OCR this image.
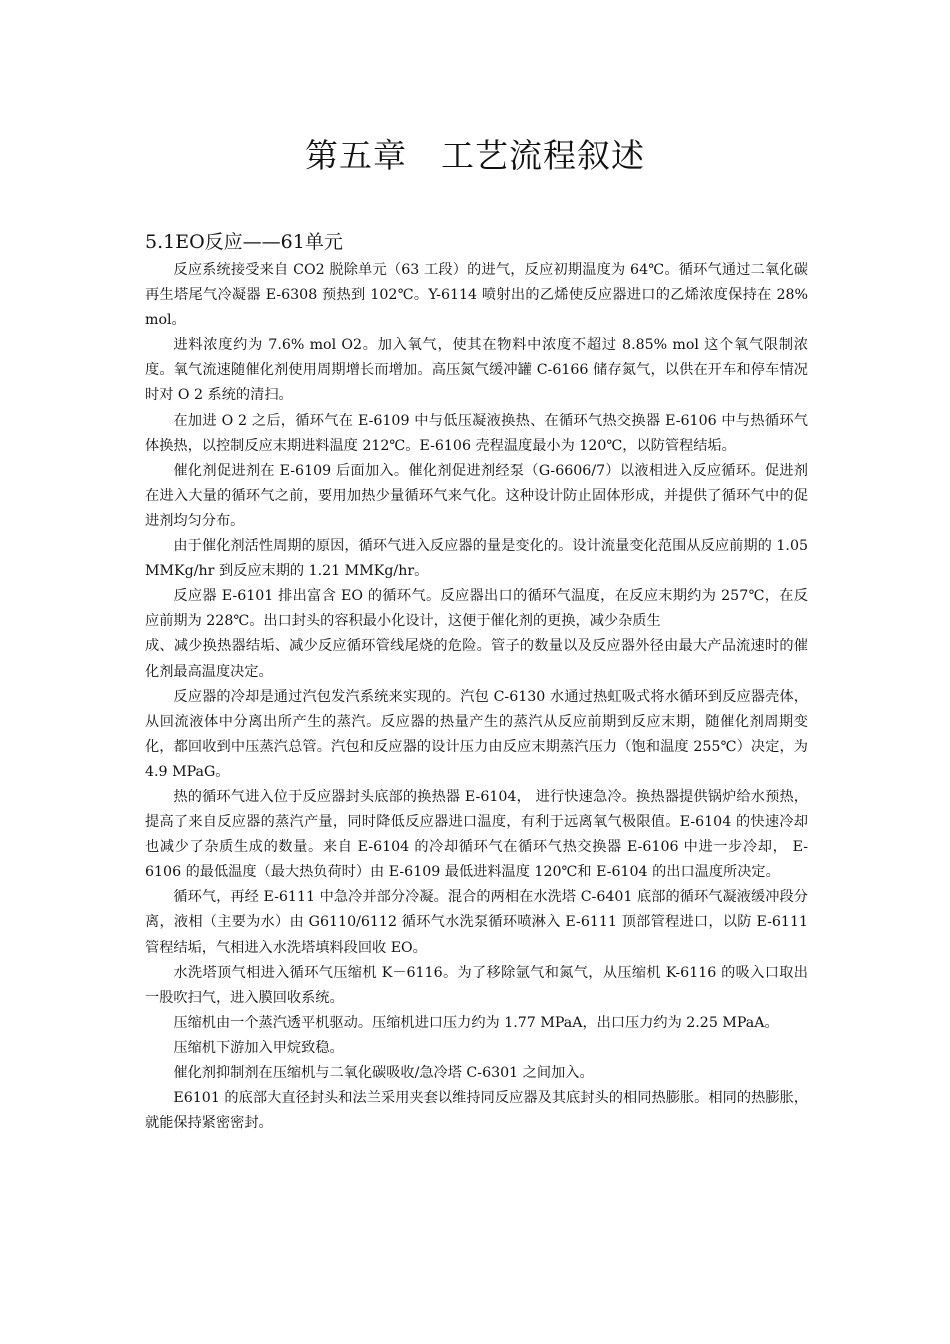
第五章　工艺流程叙述
5.1EO反应——61单元

反应系统接受来自 CO2 脱除单元（63 工段）的进气，反应初期温度为 64℃。循环气通过二氧化碳再生塔尾气冷凝器 E-6308 预热到 102℃。Y-6114 喷射出的乙烯使反应器进口的乙烯浓度保持在 28% mol。

进料浓度约为 7.6% mol O2。加入氧气，使其在物料中浓度不超过 8.85% mol 这个氧气限制浓度。氧气流速随催化剂使用周期增长而增加。高压氮气缓冲罐 C-6166 储存氮气，以供在开车和停车情况时对 O 2 系统的清扫。

在加进 O 2 之后，循环气在 E-6109 中与低压凝液换热、在循环气热交换器 E-6106 中与热循环气体换热，以控制反应末期进料温度 212℃。E-6106 壳程温度最小为 120℃，以防管程结垢。

催化剂促进剂在 E-6109 后面加入。催化剂促进剂经泵（G-6606/7）以液相进入反应循环。促进剂在进入大量的循环气之前，要用加热少量循环气来气化。这种设计防止固体形成，并提供了循环气中的促进剂均匀分布。

由于催化剂活性周期的原因，循环气进入反应器的量是变化的。设计流量变化范围从反应前期的 1.05 MMKg/hr 到反应末期的 1.21 MMKg/hr。

反应器 E-6101 排出富含 EO 的循环气。反应器出口的循环气温度，在反应末期约为 257℃，在反应前期为 228℃。出口封头的容积最小化设计，这便于催化剂的更换，减少杂质生

成、减少换热器结垢、减少反应循环管线尾烧的危险。管子的数量以及反应器外径由最大产品流速时的催化剂最高温度决定。

反应器的冷却是通过汽包发汽系统来实现的。汽包 C-6130 水通过热虹吸式将水循环到反应器壳体，从回流液体中分离出所产生的蒸汽。反应器的热量产生的蒸汽从反应前期到反应末期，随催化剂周期变化，都回收到中压蒸汽总管。汽包和反应器的设计压力由反应末期蒸汽压力（饱和温度 255℃）决定，为 4.9 MPaG。

热的循环气进入位于反应器封头底部的换热器 E-6104， 进行快速急冷。换热器提供锅炉给水预热，提高了来自反应器的蒸汽产量，同时降低反应器进口温度，有利于远离氧气极限值。E-6104 的快速冷却也减少了杂质生成的数量。来自 E-6104 的冷却循环气在循环气热交换器 E-6106 中进一步冷却， E-6106 的最低温度（最大热负荷时）由 E-6109 最低进料温度 120℃和 E-6104 的出口温度所决定。

循环气，再经 E-6111 中急冷并部分冷凝。混合的两相在水洗塔 C-6401 底部的循环气凝液缓冲段分离，液相（主要为水）由 G6110/6112 循环气水洗泵循环喷淋入 E-6111 顶部管程进口，以防 E-6111 管程结垢，气相进入水洗塔填料段回收 EO。

水洗塔顶气相进入循环气压缩机 K－6116。为了移除氩气和氮气，从压缩机 K-6116 的吸入口取出一股吹扫气，进入膜回收系统。

压缩机由一个蒸汽透平机驱动。压缩机进口压力约为 1.77 MPaA，出口压力约为 2.25 MPaA。

压缩机下游加入甲烷致稳。

催化剂抑制剂在压缩机与二氧化碳吸收/急冷塔 C-6301 之间加入。

E6101 的底部大直径封头和法兰采用夹套以维持同反应器及其底封头的相同热膨胀。相同的热膨胀，就能保持紧密密封。
